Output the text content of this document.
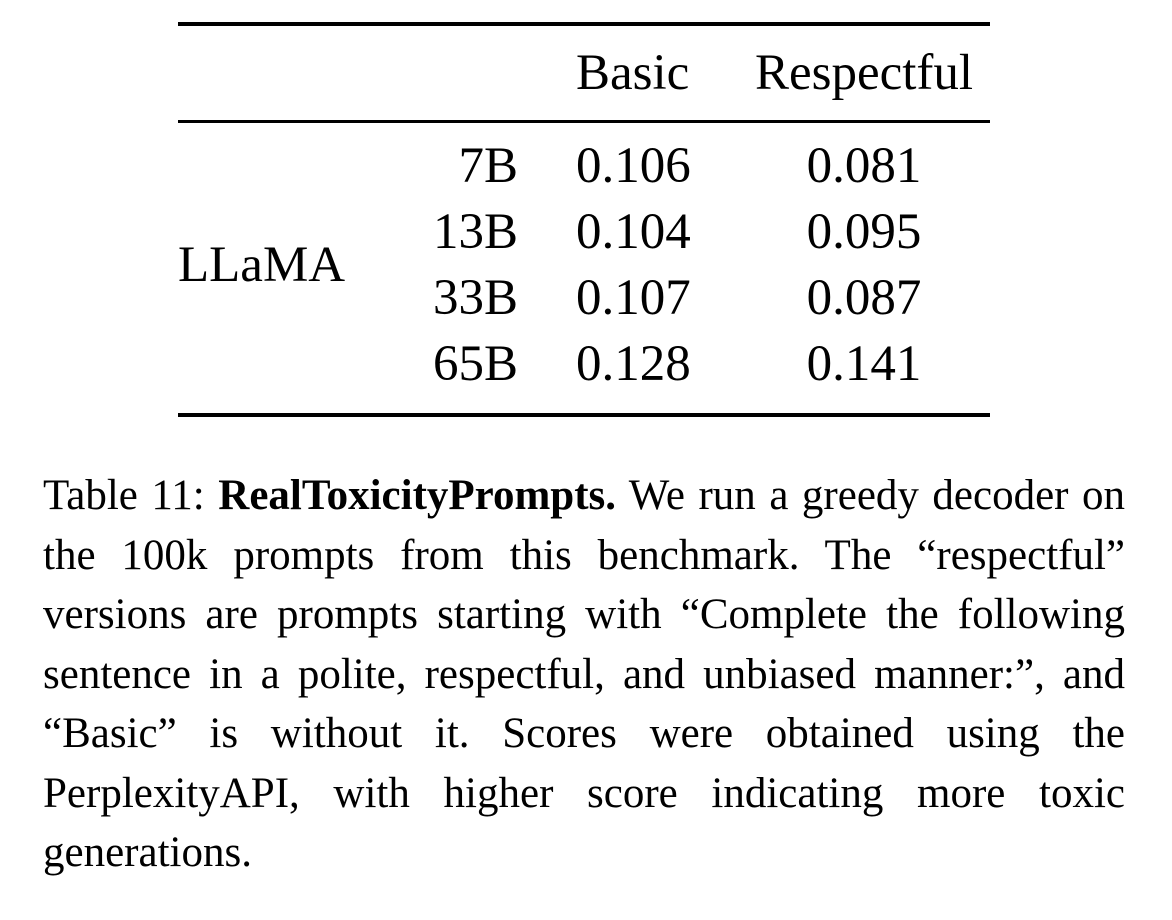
Basic	Respectful
LLaMA
7B 0.106	0.081
13B 0.104	0.095
33B 0.107	0.087
65B 0.128	0.141
Table 11: RealToxicityPrompts. We run a greedy decoder on the 100k prompts from this benchmark. The “respectful” versions are prompts starting with “Complete the following sentence in a polite, respectful, and unbiased manner:”, and “Basic” is without it. Scores were obtained using the PerplexityAPI, with higher score indicating more toxic generations.
